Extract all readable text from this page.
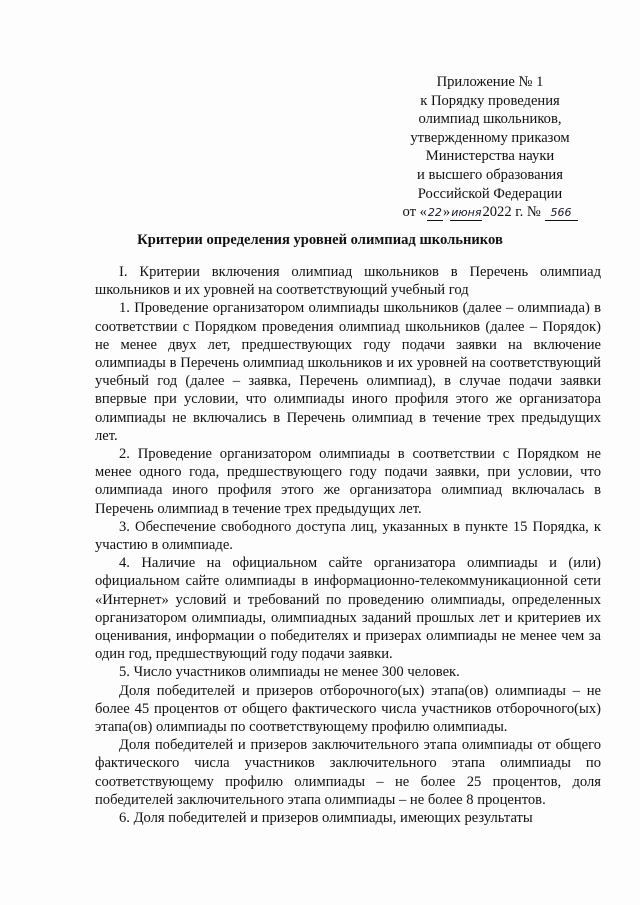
Приложение № 1
к Порядку проведения
олимпиад школьников,
утвержденному приказом
Министерства науки
и высшего образования
Российской Федерации
от «22»июня2022 г. № 566
Критерии определения уровней олимпиад школьников

I. Критерии включения олимпиад школьников в Перечень олимпиад школьников и их уровней на соответствующий учебный год

1. Проведение организатором олимпиады школьников (далее – олимпиада) в соответствии с Порядком проведения олимпиад школьников (далее – Порядок) не менее двух лет, предшествующих году подачи заявки на включение олимпиады в Перечень олимпиад школьников и их уровней на соответствующий учебный год (далее – заявка, Перечень олимпиад), в случае подачи заявки впервые при условии, что олимпиады иного профиля этого же организатора олимпиады не включались в Перечень олимпиад в течение трех предыдущих лет.

2. Проведение организатором олимпиады в соответствии с Порядком не менее одного года, предшествующего году подачи заявки, при условии, что олимпиада иного профиля этого же организатора олимпиад включалась в Перечень олимпиад в течение трех предыдущих лет.

3. Обеспечение свободного доступа лиц, указанных в пункте 15 Порядка, к участию в олимпиаде.

4. Наличие на официальном сайте организатора олимпиады и (или) официальном сайте олимпиады в информационно-телекоммуникационной сети «Интернет» условий и требований по проведению олимпиады, определенных организатором олимпиады, олимпиадных заданий прошлых лет и критериев их оценивания, информации о победителях и призерах олимпиады не менее чем за один год, предшествующий году подачи заявки.

5. Число участников олимпиады не менее 300 человек.

Доля победителей и призеров отборочного(ых) этапа(ов) олимпиады – не более 45 процентов от общего фактического числа участников отборочного(ых) этапа(ов) олимпиады по соответствующему профилю олимпиады.

Доля победителей и призеров заключительного этапа олимпиады от общего фактического числа участников заключительного этапа олимпиады по соответствующему профилю олимпиады – не более 25 процентов, доля победителей заключительного этапа олимпиады – не более 8 процентов.

6. Доля победителей и призеров олимпиады, имеющих результаты
